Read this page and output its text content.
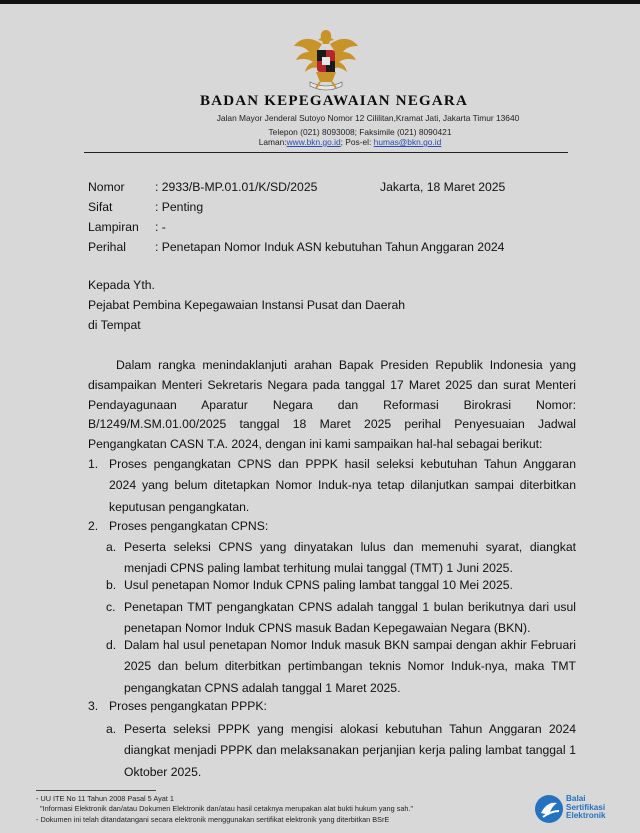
BADAN KEPEGAWAIAN NEGARA
Jalan Mayor Jenderal Sutoyo Nomor 12 Cililitan,Kramat Jati, Jakarta Timur 13640
Telepon (021) 8093008; Faksimile (021) 8090421
Laman:www.bkn.go.id; Pos-el: humas@bkn.go.id
Nomor : 2933/B-MP.01.01/K/SD/2025	Jakarta, 18 Maret 2025
Sifat	: Penting
Lampiran : -
Perihal : Penetapan Nomor Induk ASN kebutuhan Tahun Anggaran 2024
Kepada Yth.
Pejabat Pembina Kepegawaian Instansi Pusat dan Daerah
di Tempat
Dalam rangka menindaklanjuti arahan Bapak Presiden Republik Indonesia yang disampaikan Menteri Sekretaris Negara pada tanggal 17 Maret 2025 dan surat Menteri Pendayagunaan Aparatur Negara dan Reformasi Birokrasi Nomor: B/1249/M.SM.01.00/2025 tanggal 18 Maret 2025 perihal Penyesuaian Jadwal Pengangkatan CASN T.A. 2024, dengan ini kami sampaikan hal-hal sebagai berikut:
1. Proses pengangkatan CPNS dan PPPK hasil seleksi kebutuhan Tahun Anggaran 2024 yang belum ditetapkan Nomor Induk-nya tetap dilanjutkan sampai diterbitkan keputusan pengangkatan.
2. Proses pengangkatan CPNS:
a. Peserta seleksi CPNS yang dinyatakan lulus dan memenuhi syarat, diangkat menjadi CPNS paling lambat terhitung mulai tanggal (TMT) 1 Juni 2025.
b. Usul penetapan Nomor Induk CPNS paling lambat tanggal 10 Mei 2025.
c. Penetapan TMT pengangkatan CPNS adalah tanggal 1 bulan berikutnya dari usul penetapan Nomor Induk CPNS masuk Badan Kepegawaian Negara (BKN).
d. Dalam hal usul penetapan Nomor Induk masuk BKN sampai dengan akhir Februari 2025 dan belum diterbitkan pertimbangan teknis Nomor Induk-nya, maka TMT pengangkatan CPNS adalah tanggal 1 Maret 2025.
3. Proses pengangkatan PPPK:
a. Peserta seleksi PPPK yang mengisi alokasi kebutuhan Tahun Anggaran 2024 diangkat menjadi PPPK dan melaksanakan perjanjian kerja paling lambat tanggal 1 Oktober 2025.
- UU ITE No 11 Tahun 2008 Pasal 5 Ayat 1
"Informasi Elektronik dan/atau Dokumen Elektronik dan/atau hasil cetaknya merupakan alat bukti hukum yang sah."
- Dokumen ini telah ditandatangani secara elektronik menggunakan sertifikat elektronik yang diterbitkan BSrE
Balai
Sertifikasi
Elektronik
